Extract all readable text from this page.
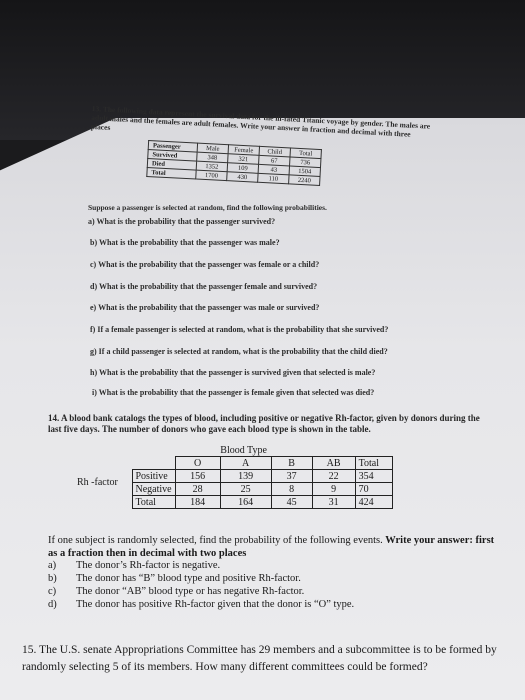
13. The following data represent the survival data for the ill-fated Titanic voyage by gender. The males are adult males and the females are adult females. Write your answer in fraction and decimal with three places

Passenger	Male	Female	Child	Total
Survived	348	321	67	736
Died	1352	109	43	1504
Total	1700	430	110	2240
Suppose a passenger is selected at random, find the following probabilities.
a) What is the probability that the passenger survived?
b) What is the probability that the passenger was male?
c) What is the probability that the passenger was female or a child?
d) What is the probability that the passenger female and survived?
e) What is the probability that the passenger was male or survived?
f) If a female passenger is selected at random, what is the probability that she survived?
g) If a child passenger is selected at random, what is the probability that the child died?
h) What is the probability that the passenger is survived given that selected is male?
i) What is the probability that the passenger is female given that selected was died?

14. A blood bank catalogs the types of blood, including positive or negative Rh-factor, given by donors during the last five days. The number of donors who gave each blood type is shown in the table.

		Blood Type				
		O	A	B	AB	Total
Rh -factor	Positive	156	139	37	22	354
	Negative	28	25	8	9	70
	Total	184	164	45	31	424

If one subject is randomly selected, find the probability of the following events. Write your answer: first as a fraction then in decimal with two places

a) The donor’s Rh-factor is negative.
b) The donor has “B” blood type and positive Rh-factor.
c) The donor “AB” blood type or has negative Rh-factor.
d) The donor has positive Rh-factor given that the donor is “O” type.

15. The U.S. senate Appropriations Committee has 29 members and a subcommittee is to be formed by randomly selecting 5 of its members. How many different committees could be formed?
